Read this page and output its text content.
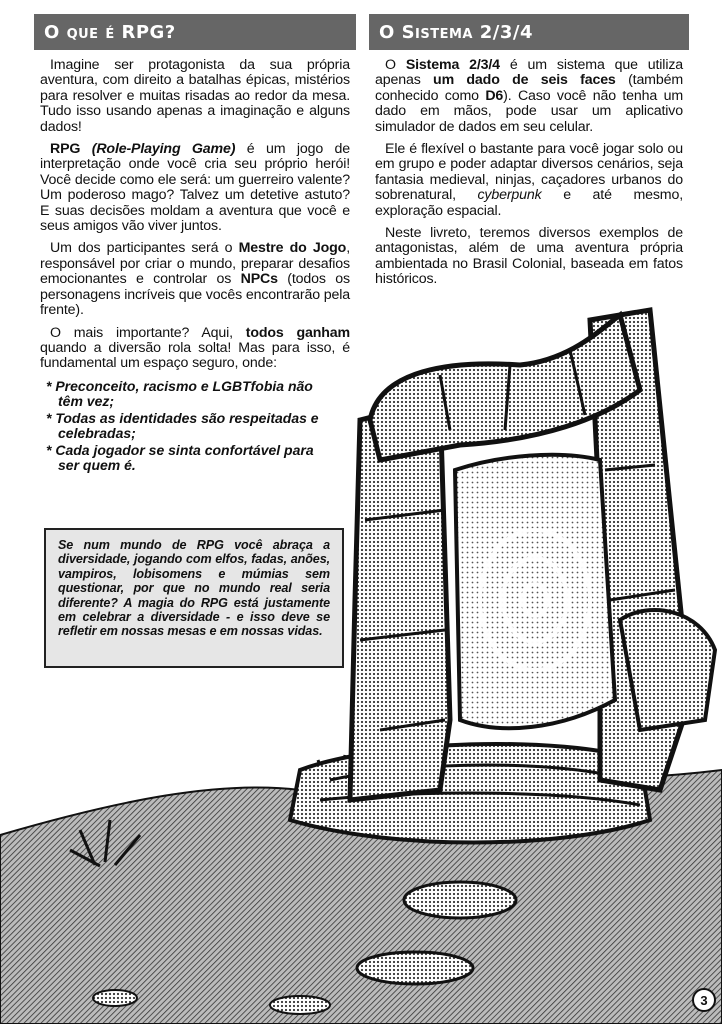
O que é RPG?

Imagine ser protagonista da sua própria aventura, com direito a batalhas épicas, mistérios para resolver e muitas risadas ao redor da mesa. Tudo isso usando apenas a imaginação e alguns dados!

RPG (Role-Playing Game) é um jogo de interpretação onde você cria seu próprio herói! Você decide como ele será: um guerreiro valente? Um poderoso mago? Talvez um detetive astuto? E suas decisões moldam a aventura que você e seus amigos vão viver juntos.

Um dos participantes será o Mestre do Jogo, responsável por criar o mundo, preparar desafios emocionantes e controlar os NPCs (todos os personagens incríveis que vocês encontrarão pela frente).

O mais importante? Aqui, todos ganham quando a diversão rola solta! Mas para isso, é fundamental um espaço seguro, onde:

* Preconceito, racismo e LGBTfobia não têm vez;
* Todas as identidades são respeitadas e celebradas;
* Cada jogador se sinta confortável para ser quem é.

Se num mundo de RPG você abraça a diversidade, jogando com elfos, fadas, anões, vampiros, lobisomens e múmias sem questionar, por que no mundo real seria diferente? A magia do RPG está justamente em celebrar a diversidade - e isso deve se refletir em nossas mesas e em nossas vidas.

O Sistema 2/3/4

O Sistema 2/3/4 é um sistema que utiliza apenas um dado de seis faces (também conhecido como D6). Caso você não tenha um dado em mãos, pode usar um aplicativo simulador de dados em seu celular.

Ele é flexível o bastante para você jogar solo ou em grupo e poder adaptar diversos cenários, seja fantasia medieval, ninjas, caçadores urbanos do sobrenatural, cyberpunk e até mesmo, exploração espacial.

Neste livreto, teremos diversos exemplos de antagonistas, além de uma aventura própria ambientada no Brasil Colonial, baseada em fatos históricos.

3
